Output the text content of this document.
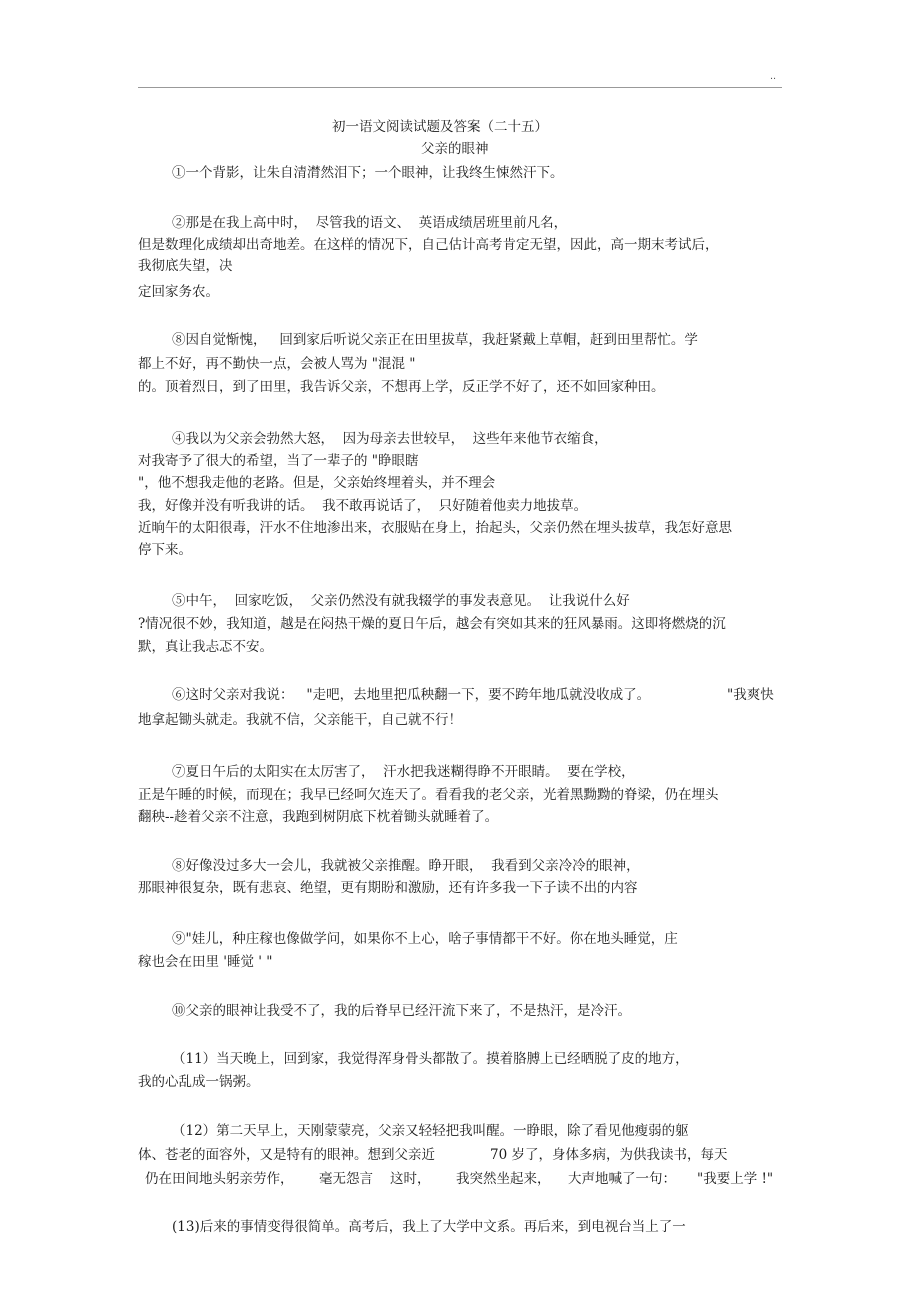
..
初一语文阅读试题及答案（二十五）
父亲的眼神
①一个背影，让朱自清潸然泪下；一个眼神，让我终生悚然汗下。
②那是在我上高中时，  尽管我的语文、  英语成绩居班里前凡名，
但是数理化成绩却出奇地差。在这样的情况下，自己估计高考肯定无望，因此，高一期末考试后，
我彻底失望，决
定回家务农。
⑧因自觉惭愧，   回到家后听说父亲正在田里拔草，我赶紧戴上草帽，赶到田里帮忙。学
都上不好，再不勤快一点，会被人骂为 "混混 "
的。顶着烈日，到了田里，我告诉父亲，不想再上学，反正学不好了，还不如回家种田。
④我以为父亲会勃然大怒，  因为母亲去世较早，  这些年来他节衣缩食，
对我寄予了很大的希望，当了一辈子的 "睁眼瞎
"，他不想我走他的老路。但是，父亲始终埋着头，并不理会
我，好像并没有听我讲的话。  我不敢再说话了，  只好随着他卖力地拔草。
近晌午的太阳很毒，汗水不住地渗出来，衣服贴在身上，抬起头，父亲仍然在埋头拔草，我怎好意思
停下来。
⑤中午，  回家吃饭，  父亲仍然没有就我辍学的事发表意见。  让我说什么好
?情况很不妙，我知道，越是在闷热干燥的夏日午后，越会有突如其来的狂风暴雨。这即将燃烧的沉
默，真让我忐忑不安。
⑥这时父亲对我说：   "走吧，去地里把瓜秧翻一下，要不跨年地瓜就没收成了。	"我爽快
地拿起锄头就走。我就不信，父亲能干，自己就不行！
⑦夏日午后的太阳实在太厉害了，  汗水把我迷糊得睁不开眼睛。  要在学校，
正是午睡的时候，而现在；我早已经呵欠连天了。看看我的老父亲，光着黑黝黝的脊梁，仍在埋头
翻秧--趁着父亲不注意，我跑到树阴底下枕着锄头就睡着了。
⑧好像没过多大一会儿，我就被父亲推醒。睁开眼，  我看到父亲冷冷的眼神，
那眼神很复杂，既有悲哀、绝望，更有期盼和激励，还有许多我一下子读不出的内容
⑨"娃儿，种庄稼也像做学问，如果你不上心，啥子事情都干不好。你在地头睡觉，庄
稼也会在田里 '睡觉 ' "
⑩父亲的眼神让我受不了，我的后脊早已经汗流下来了，不是热汗，是冷汗。
（11）当天晚上，回到家，我觉得浑身骨头都散了。摸着胳膊上已经晒脱了皮的地方，
我的心乱成一锅粥。
（12）第二天早上，天刚蒙蒙亮，父亲又轻轻把我叫醒。一睁眼，除了看见他瘦弱的躯
体、苍老的面容外，又是特有的眼神。想到父亲近	70 岁了，身体多病，为供我读书，每天
仍在田间地头躬亲劳作， 毫无怨言 这时， 我突然坐起来， 大声地喊了一句： "我要上学 !"
(13)后来的事情变得很简单。高考后，我上了大学中文系。再后来，到电视台当上了一
